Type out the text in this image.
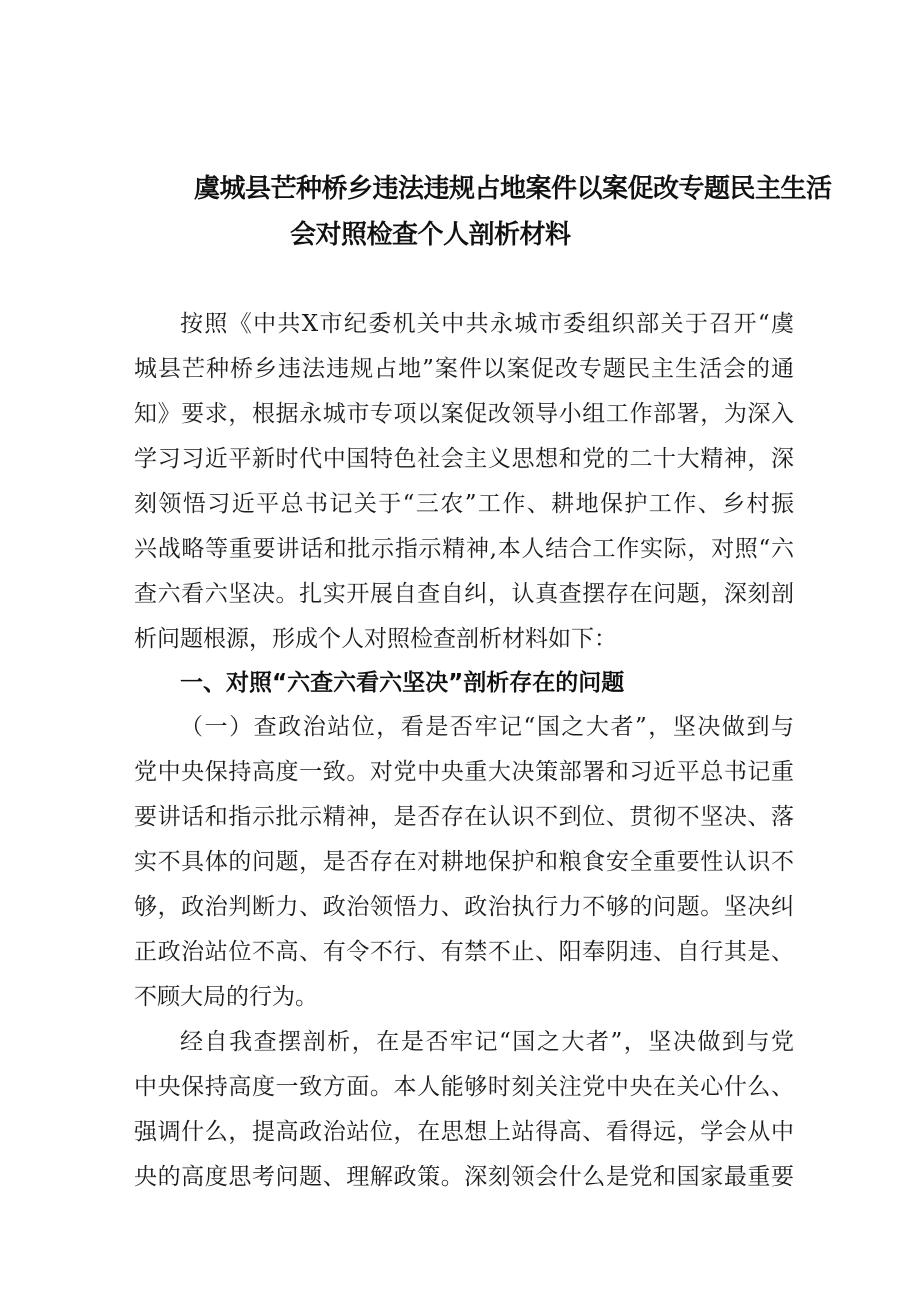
虞城县芒种桥乡违法违规占地案件以案促改专题民主生活
会对照检查个人剖析材料
按照《中共X市纪委机关中共永城市委组织部关于召开“虞
城县芒种桥乡违法违规占地”案件以案促改专题民主生活会的通
知》要求，根据永城市专项以案促改领导小组工作部署，为深入
学习习近平新时代中国特色社会主义思想和党的二十大精神，深
刻领悟习近平总书记关于“三农”工作、耕地保护工作、乡村振
兴战略等重要讲话和批示指示精神,本人结合工作实际，对照“六
查六看六坚决。扎实开展自查自纠，认真查摆存在问题，深刻剖
析问题根源，形成个人对照检查剖析材料如下：
一、对照“六查六看六坚决”剖析存在的问题
（一）查政治站位，看是否牢记“国之大者”，坚决做到与
党中央保持高度一致。对党中央重大决策部署和习近平总书记重
要讲话和指示批示精神，是否存在认识不到位、贯彻不坚决、落
实不具体的问题，是否存在对耕地保护和粮食安全重要性认识不
够，政治判断力、政治领悟力、政治执行力不够的问题。坚决纠
正政治站位不高、有令不行、有禁不止、阳奉阴违、自行其是、
不顾大局的行为。
经自我查摆剖析，在是否牢记“国之大者”，坚决做到与党
中央保持高度一致方面。本人能够时刻关注党中央在关心什么、
强调什么，提高政治站位，在思想上站得高、看得远，学会从中
央的高度思考问题、理解政策。深刻领会什么是党和国家最重要
